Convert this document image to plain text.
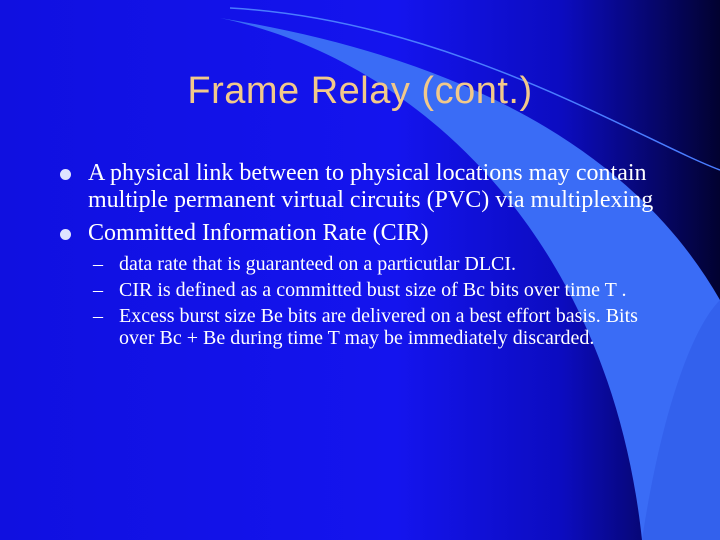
Frame Relay (cont.)
A physical link between to physical locations may contain multiple permanent virtual circuits (PVC) via multiplexing
Committed Information Rate (CIR)
– data rate that is guaranteed on a particutlar DLCI.
– CIR is defined as a committed bust size of Bc bits over time T .
– Excess burst size Be bits are delivered on a best effort basis. Bits over Bc + Be during time T may be immediately discarded.
